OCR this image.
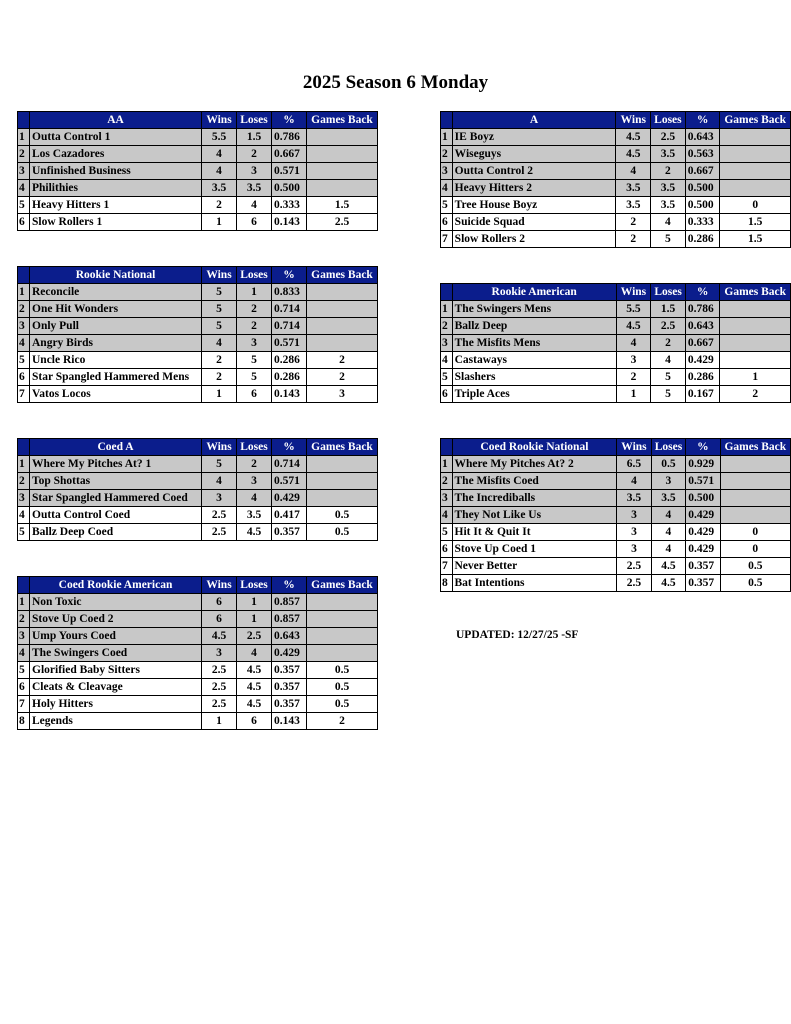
2025 Season 6 Monday
	AA	Wins	Loses	%	Games Back
1	Outta Control 1	5.5	1.5	0.786	
2	Los Cazadores	4	2	0.667	
3	Unfinished Business	4	3	0.571	
4	Philithies	3.5	3.5	0.500	
5	Heavy Hitters 1	2	4	0.333	1.5
6	Slow Rollers 1	1	6	0.143	2.5
	A	Wins	Loses	%	Games Back
1	IE Boyz	4.5	2.5	0.643	
2	Wiseguys	4.5	3.5	0.563	
3	Outta Control 2	4	2	0.667	
4	Heavy Hitters 2	3.5	3.5	0.500	
5	Tree House Boyz	3.5	3.5	0.500	0
6	Suicide Squad	2	4	0.333	1.5
7	Slow Rollers 2	2	5	0.286	1.5
	Rookie National	Wins	Loses	%	Games Back
1	Reconcile	5	1	0.833	
2	One Hit Wonders	5	2	0.714	
3	Only Pull	5	2	0.714	
4	Angry Birds	4	3	0.571	
5	Uncle Rico	2	5	0.286	2
6	Star Spangled Hammered Mens	2	5	0.286	2
7	Vatos Locos	1	6	0.143	3
	Rookie American	Wins	Loses	%	Games Back
1	The Swingers Mens	5.5	1.5	0.786	
2	Ballz Deep	4.5	2.5	0.643	
3	The Misfits Mens	4	2	0.667	
4	Castaways	3	4	0.429	
5	Slashers	2	5	0.286	1
6	Triple Aces	1	5	0.167	2
	Coed A	Wins	Loses	%	Games Back
1	Where My Pitches At? 1	5	2	0.714	
2	Top Shottas	4	3	0.571	
3	Star Spangled Hammered Coed	3	4	0.429	
4	Outta Control Coed	2.5	3.5	0.417	0.5
5	Ballz Deep Coed	2.5	4.5	0.357	0.5
	Coed Rookie National	Wins	Loses	%	Games Back
1	Where My Pitches At? 2	6.5	0.5	0.929	
2	The Misfits Coed	4	3	0.571	
3	The Incrediballs	3.5	3.5	0.500	
4	They Not Like Us	3	4	0.429	
5	Hit It & Quit It	3	4	0.429	0
6	Stove Up Coed 1	3	4	0.429	0
7	Never Better	2.5	4.5	0.357	0.5
8	Bat Intentions	2.5	4.5	0.357	0.5
	Coed Rookie American	Wins	Loses	%	Games Back
1	Non Toxic	6	1	0.857	
2	Stove Up Coed 2	6	1	0.857	
3	Ump Yours Coed	4.5	2.5	0.643	
4	The Swingers Coed	3	4	0.429	
5	Glorified Baby Sitters	2.5	4.5	0.357	0.5
6	Cleats & Cleavage	2.5	4.5	0.357	0.5
7	Holy Hitters	2.5	4.5	0.357	0.5
8	Legends	1	6	0.143	2
UPDATED: 12/27/25 -SF
